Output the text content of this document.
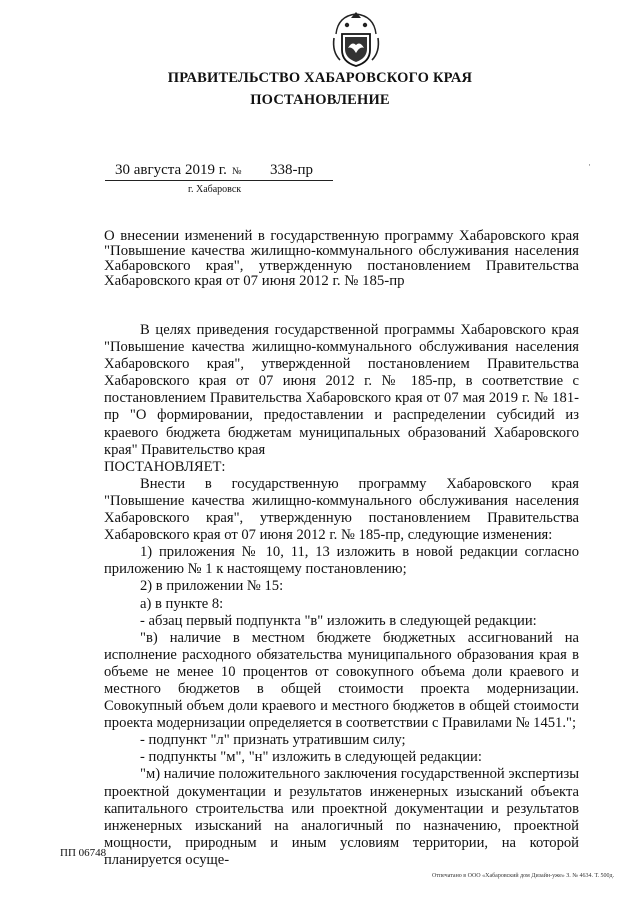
ПРАВИТЕЛЬСТВО ХАБАРОВСКОГО КРАЯ
ПОСТАНОВЛЕНИЕ
30 августа 2019 г. № 338-пр
г. Хабаровск
·
О внесении изменений в государственную программу Хабаровского края "Повышение качества жилищно-коммунального обслуживания населения Хабаровского края", утвержденную постановлением Правительства Хабаровского края от 07 июня 2012 г. № 185-пр

В целях приведения государственной программы Хабаровского края "Повышение качества жилищно-коммунального обслуживания населения Хабаровского края", утвержденной постановлением Правительства Хабаровского края от 07 июня 2012 г. № 185-пр, в соответствие с постановлением Правительства Хабаровского края от 07 мая 2019 г. № 181-пр "О формировании, предоставлении и распределении субсидий из краевого бюджета бюджетам муниципальных образований Хабаровского края" Правительство края

ПОСТАНОВЛЯЕТ:

Внести в государственную программу Хабаровского края "Повышение качества жилищно-коммунального обслуживания населения Хабаровского края", утвержденную постановлением Правительства Хабаровского края от 07 июня 2012 г. № 185-пр, следующие изменения:

1) приложения № 10, 11, 13 изложить в новой редакции согласно приложению № 1 к настоящему постановлению;

2) в приложении № 15:

а) в пункте 8:

- абзац первый подпункта "в" изложить в следующей редакции:

"в) наличие в местном бюджете бюджетных ассигнований на исполнение расходного обязательства муниципального образования края в объеме не менее 10 процентов от совокупного объема доли краевого и местного бюджетов в общей стоимости проекта модернизации. Совокупный объем доли краевого и местного бюджетов в общей стоимости проекта модернизации определяется в соответствии с Правилами № 1451.";

- подпункт "л" признать утратившим силу;

- подпункты "м", "н" изложить в следующей редакции:

"м) наличие положительного заключения государственной экспертизы проектной документации и результатов инженерных изысканий объекта капитального строительства или проектной документации и результатов инженерных изысканий на аналогичный по назначению, проектной мощности, природным и иным условиям территории, на которой планируется осуще-

ПП 06748
Отпечатано в ООО «Хабаровский дом Дизайн-уже» З. № 4634. Т. 500д.
